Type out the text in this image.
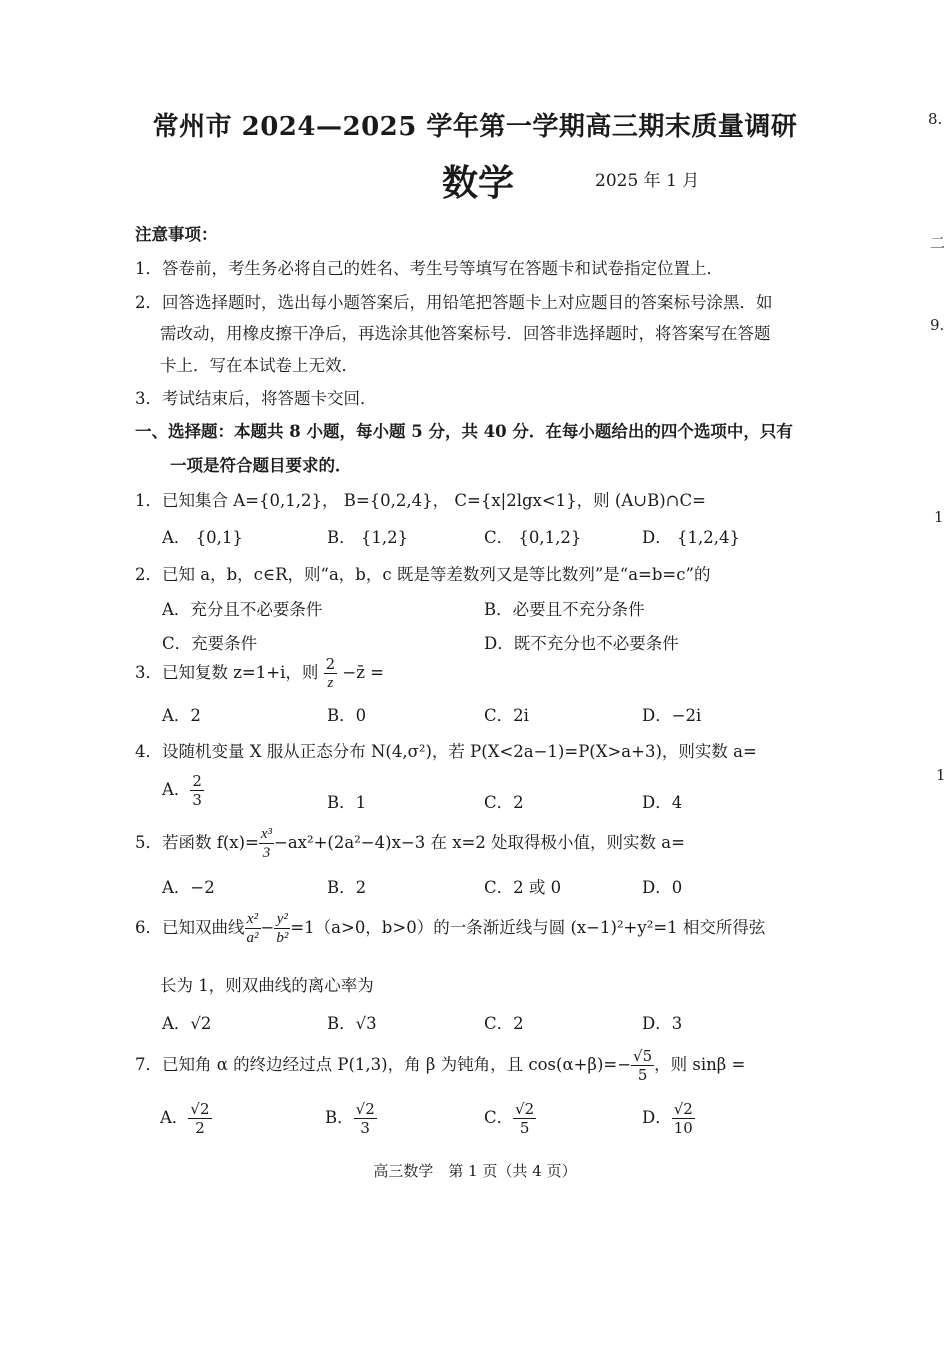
常州市 2024—2025 学年第一学期高三期末质量调研
数学	2025 年 1 月
注意事项：
1．答卷前，考生务必将自己的姓名、考生号等填写在答题卡和试卷指定位置上．
2．回答选择题时，选出每小题答案后，用铅笔把答题卡上对应题目的答案标号涂黑．如
需改动，用橡皮擦干净后，再选涂其他答案标号．回答非选择题时，将答案写在答题
卡上．写在本试卷上无效．
3．考试结束后，将答题卡交回．
一、选择题：本题共 8 小题，每小题 5 分，共 40 分．在每小题给出的四个选项中，只有
一项是符合题目要求的．
1．已知集合 A={0,1,2}， B={0,2,4}， C={x|2lgx<1}，则 (A∪B)∩C=
A． {0,1}	B． {1,2}	C． {0,1,2}	D． {1,2,4}
2．已知 a，b，c∈R，则“a，b，c 既是等差数列又是等比数列”是“a=b=c”的
A．充分且不必要条件	B．必要且不充分条件
C．充要条件	D．既不充分也不必要条件
3．已知复数 z=1+i，则 $\frac{2}{z}$ −z̄ =
A．2	B．0	C．2i	D．−2i
4．设随机变量 X 服从正态分布 N(4,σ²)，若 P(X<2a−1)=P(X>a+3)，则实数 a=
A． $\frac{2}{3}$	B．1	C．2	D．4
5．若函数 $f(x)= \frac{\text{x³}}{3} -ax^2+(2a^2-4)x-3$ 在 x=2 处取得极小值，则实数 a=
A．−2	B．2	C．2 或 0	D．0
6．已知双曲线 $\frac{\text{x²}}{\text{a²}} - \frac{\text{y²}}{\text{b²}} =1(a>0$，b>0）的一条渐近线与圆 (x−1)²+y²=1 相交所得弦
长为 1，则双曲线的离心率为
A．√2	B．√3	C．2	D．3
7．已知角 α 的终边经过点 P(1,3)，角 β 为钝角，且 $\cos(\alpha+\beta)=- \frac{√5}{5}$ ，则 sinβ =
A． $\frac{√2}{2}$	B． $\frac{√2}{3}$	C． $\frac{√2}{5}$	D． $\frac{√2}{10}$
高三数学　第 1 页（共 4 页）
8.
二
9.
1
1
